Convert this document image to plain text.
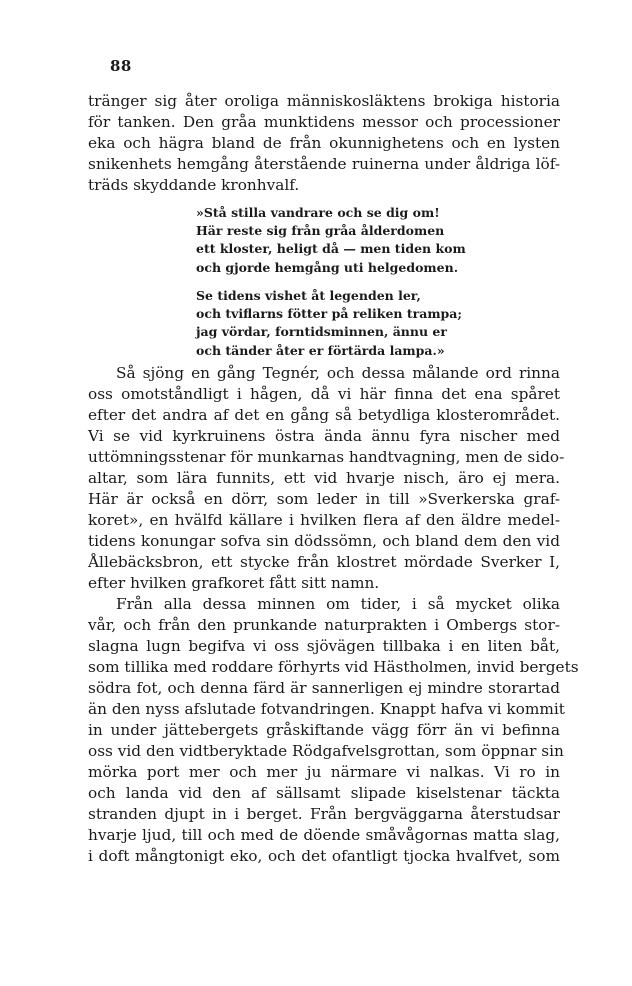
88
tränger sig åter oroliga människosläktens brokiga historia
för tanken. Den gråa munktidens messor och processioner
eka och hägra bland de från okunnighetens och en lysten
snikenhets hemgång återstående ruinerna under åldriga löf-
träds skyddande kronhvalf.
»Stå stilla vandrare och se dig om!
Här reste sig från gråa ålderdomen
ett kloster, heligt då — men tiden kom
och gjorde hemgång uti helgedomen.
Se tidens vishet åt legenden ler,
och tviflarns fötter på reliken trampa;
jag vördar, forntidsminnen, ännu er
och tänder åter er förtärda lampa.»
Så sjöng en gång Tegnér, och dessa målande ord rinna
oss omotståndligt i hågen, då vi här finna det ena spåret
efter det andra af det en gång så betydliga klosterområdet.
Vi se vid kyrkruinens östra ända ännu fyra nischer med
uttömningsstenar för munkarnas handtvagning, men de sido-
altar, som lära funnits, ett vid hvarje nisch, äro ej mera.
Här är också en dörr, som leder in till »Sverkerska graf-
koret», en hvälfd källare i hvilken flera af den äldre medel-
tidens konungar sofva sin dödssömn, och bland dem den vid
Ållebäcksbron, ett stycke från klostret mördade Sverker I,
efter hvilken grafkoret fått sitt namn.
Från alla dessa minnen om tider, i så mycket olika
vår, och från den prunkande naturprakten i Ombergs stor-
slagna lugn begifva vi oss sjövägen tillbaka i en liten båt,
som tillika med roddare förhyrts vid Hästholmen, invid bergets
södra fot, och denna färd är sannerligen ej mindre storartad
än den nyss afslutade fotvandringen. Knappt hafva vi kommit
in under jättebergets gråskiftande vägg förr än vi befinna
oss vid den vidtberyktade Rödgafvelsgrottan, som öppnar sin
mörka port mer och mer ju närmare vi nalkas. Vi ro in
och landa vid den af sällsamt slipade kiselstenar täckta
stranden djupt in i berget. Från bergväggarna återstudsar
hvarje ljud, till och med de döende småvågornas matta slag,
i doft mångtonigt eko, och det ofantligt tjocka hvalfvet, som
